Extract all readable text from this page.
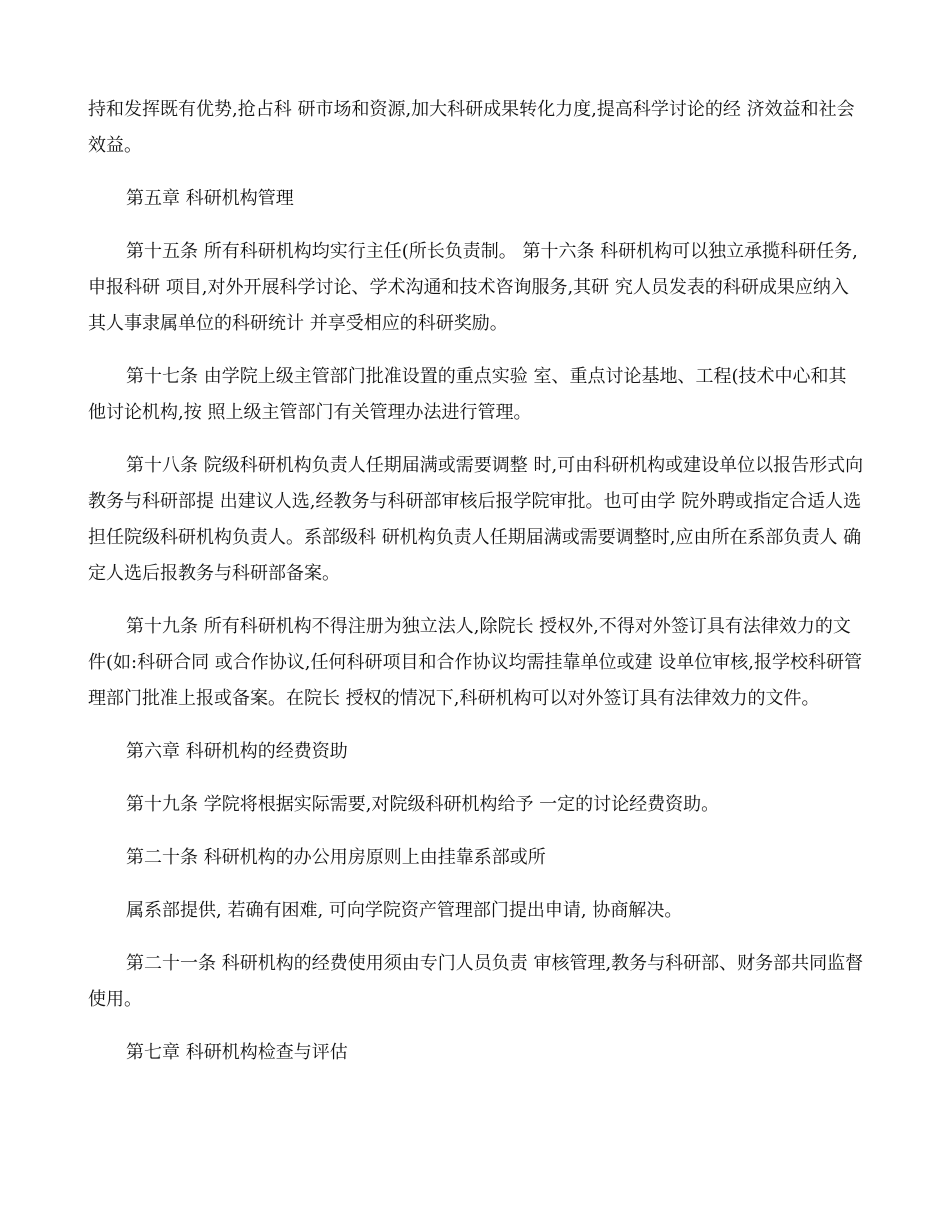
持和发挥既有优势,抢占科 研市场和资源,加大科研成果转化力度,提高科学讨论的经 济效益和社会效益。

第五章 科研机构管理

第十五条 所有科研机构均实行主任(所长负责制。 第十六条 科研机构可以独立承揽科研任务,申报科研 项目,对外开展科学讨论、学术沟通和技术咨询服务,其研 究人员发表的科研成果应纳入其人事隶属单位的科研统计 并享受相应的科研奖励。

第十七条 由学院上级主管部门批准设置的重点实验 室、重点讨论基地、工程(技术中心和其他讨论机构,按 照上级主管部门有关管理办法进行管理。

第十八条 院级科研机构负责人任期届满或需要调整 时,可由科研机构或建设单位以报告形式向教务与科研部提 出建议人选,经教务与科研部审核后报学院审批。也可由学 院外聘或指定合适人选担任院级科研机构负责人。系部级科 研机构负责人任期届满或需要调整时,应由所在系部负责人 确定人选后报教务与科研部备案。

第十九条 所有科研机构不得注册为独立法人,除院长 授权外,不得对外签订具有法律效力的文件(如:科研合同 或合作协议,任何科研项目和合作协议均需挂靠单位或建 设单位审核,报学校科研管理部门批准上报或备案。在院长 授权的情况下,科研机构可以对外签订具有法律效力的文件。

第六章 科研机构的经费资助

第十九条 学院将根据实际需要,对院级科研机构给予 一定的讨论经费资助。

第二十条 科研机构的办公用房原则上由挂靠系部或所

属系部提供, 若确有困难, 可向学院资产管理部门提出申请, 协商解决。

第二十一条 科研机构的经费使用须由专门人员负责 审核管理,教务与科研部、财务部共同监督使用。

第七章 科研机构检查与评估
